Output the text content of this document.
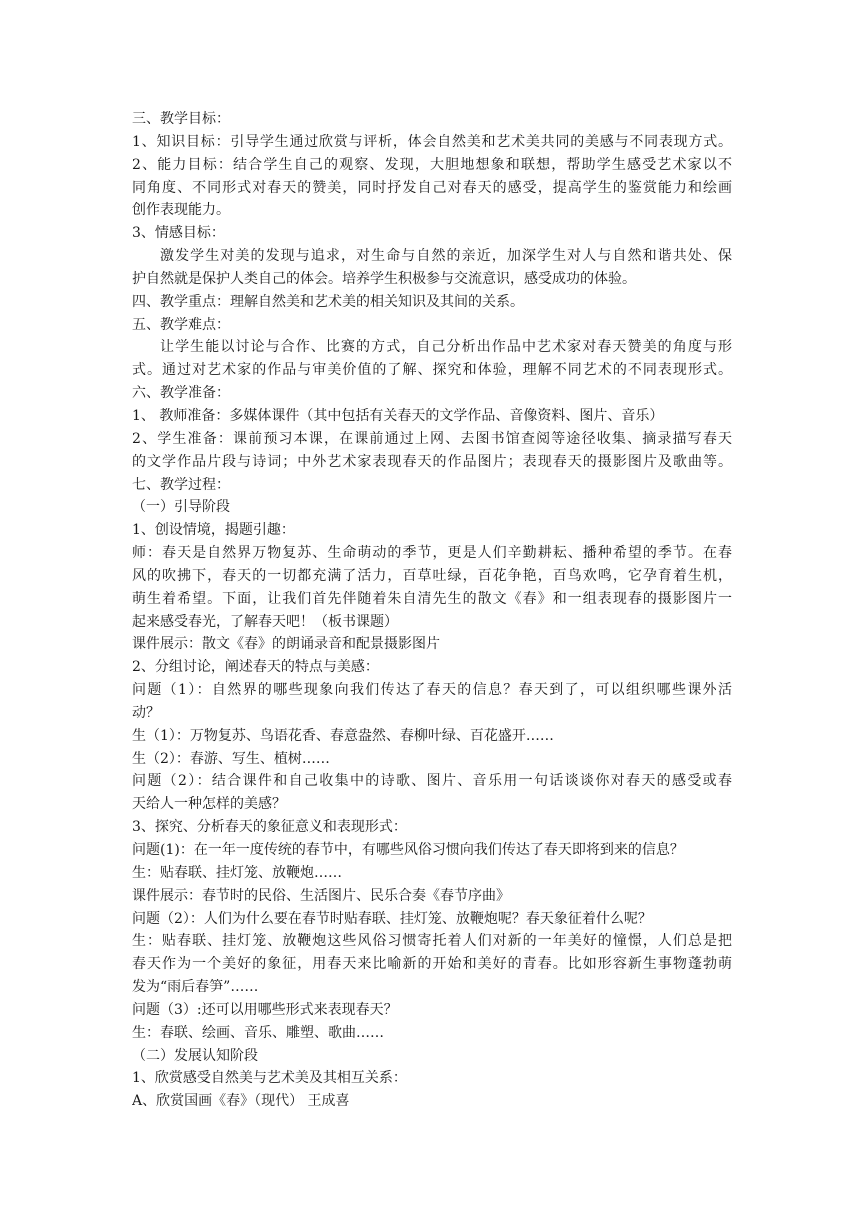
三、教学目标：
1、知识目标：引导学生通过欣赏与评析，体会自然美和艺术美共同的美感与不同表现方式。
2、能力目标：结合学生自己的观察、发现，大胆地想象和联想，帮助学生感受艺术家以不
同角度、不同形式对春天的赞美，同时抒发自己对春天的感受，提高学生的鉴赏能力和绘画
创作表现能力。
3、情感目标：
激发学生对美的发现与追求，对生命与自然的亲近，加深学生对人与自然和谐共处、保
护自然就是保护人类自己的体会。培养学生积极参与交流意识，感受成功的体验。
四、教学重点：理解自然美和艺术美的相关知识及其间的关系。
五、教学难点：
让学生能以讨论与合作、比赛的方式，自己分析出作品中艺术家对春天赞美的角度与形
式。通过对艺术家的作品与审美价值的了解、探究和体验，理解不同艺术的不同表现形式。
六、教学准备：
1、 教师准备：多媒体课件（其中包括有关春天的文学作品、音像资料、图片、音乐）
2、学生准备：课前预习本课，在课前通过上网、去图书馆查阅等途径收集、摘录描写春天
的文学作品片段与诗词；中外艺术家表现春天的作品图片；表现春天的摄影图片及歌曲等。
七、教学过程：
（一）引导阶段
1、创设情境，揭题引趣：
师：春天是自然界万物复苏、生命萌动的季节，更是人们辛勤耕耘、播种希望的季节。在春
风的吹拂下，春天的一切都充满了活力，百草吐绿，百花争艳，百鸟欢鸣，它孕育着生机，
萌生着希望。下面，让我们首先伴随着朱自清先生的散文《春》和一组表现春的摄影图片一
起来感受春光，了解春天吧！（板书课题）
课件展示：散文《春》的朗诵录音和配景摄影图片
2、分组讨论，阐述春天的特点与美感：
问题（1）：自然界的哪些现象向我们传达了春天的信息？春天到了，可以组织哪些课外活
动？
生（1）：万物复苏、鸟语花香、春意盎然、春柳叶绿、百花盛开……
生（2）：春游、写生、植树……
问题（2）：结合课件和自己收集中的诗歌、图片、音乐用一句话谈谈你对春天的感受或春
天给人一种怎样的美感？
3、探究、分析春天的象征意义和表现形式：
问题(1)：在一年一度传统的春节中，有哪些风俗习惯向我们传达了春天即将到来的信息？
生：贴春联、挂灯笼、放鞭炮……
课件展示：春节时的民俗、生活图片、民乐合奏《春节序曲》
问题（2）：人们为什么要在春节时贴春联、挂灯笼、放鞭炮呢？春天象征着什么呢？
生：贴春联、挂灯笼、放鞭炮这些风俗习惯寄托着人们对新的一年美好的憧憬，人们总是把
春天作为一个美好的象征，用春天来比喻新的开始和美好的青春。比如形容新生事物蓬勃萌
发为“雨后春笋”……
问题（3）:还可以用哪些形式来表现春天？
生：春联、绘画、音乐、雕塑、歌曲……
（二）发展认知阶段
1、欣赏感受自然美与艺术美及其相互关系：
A、欣赏国画《春》（现代） 王成喜
